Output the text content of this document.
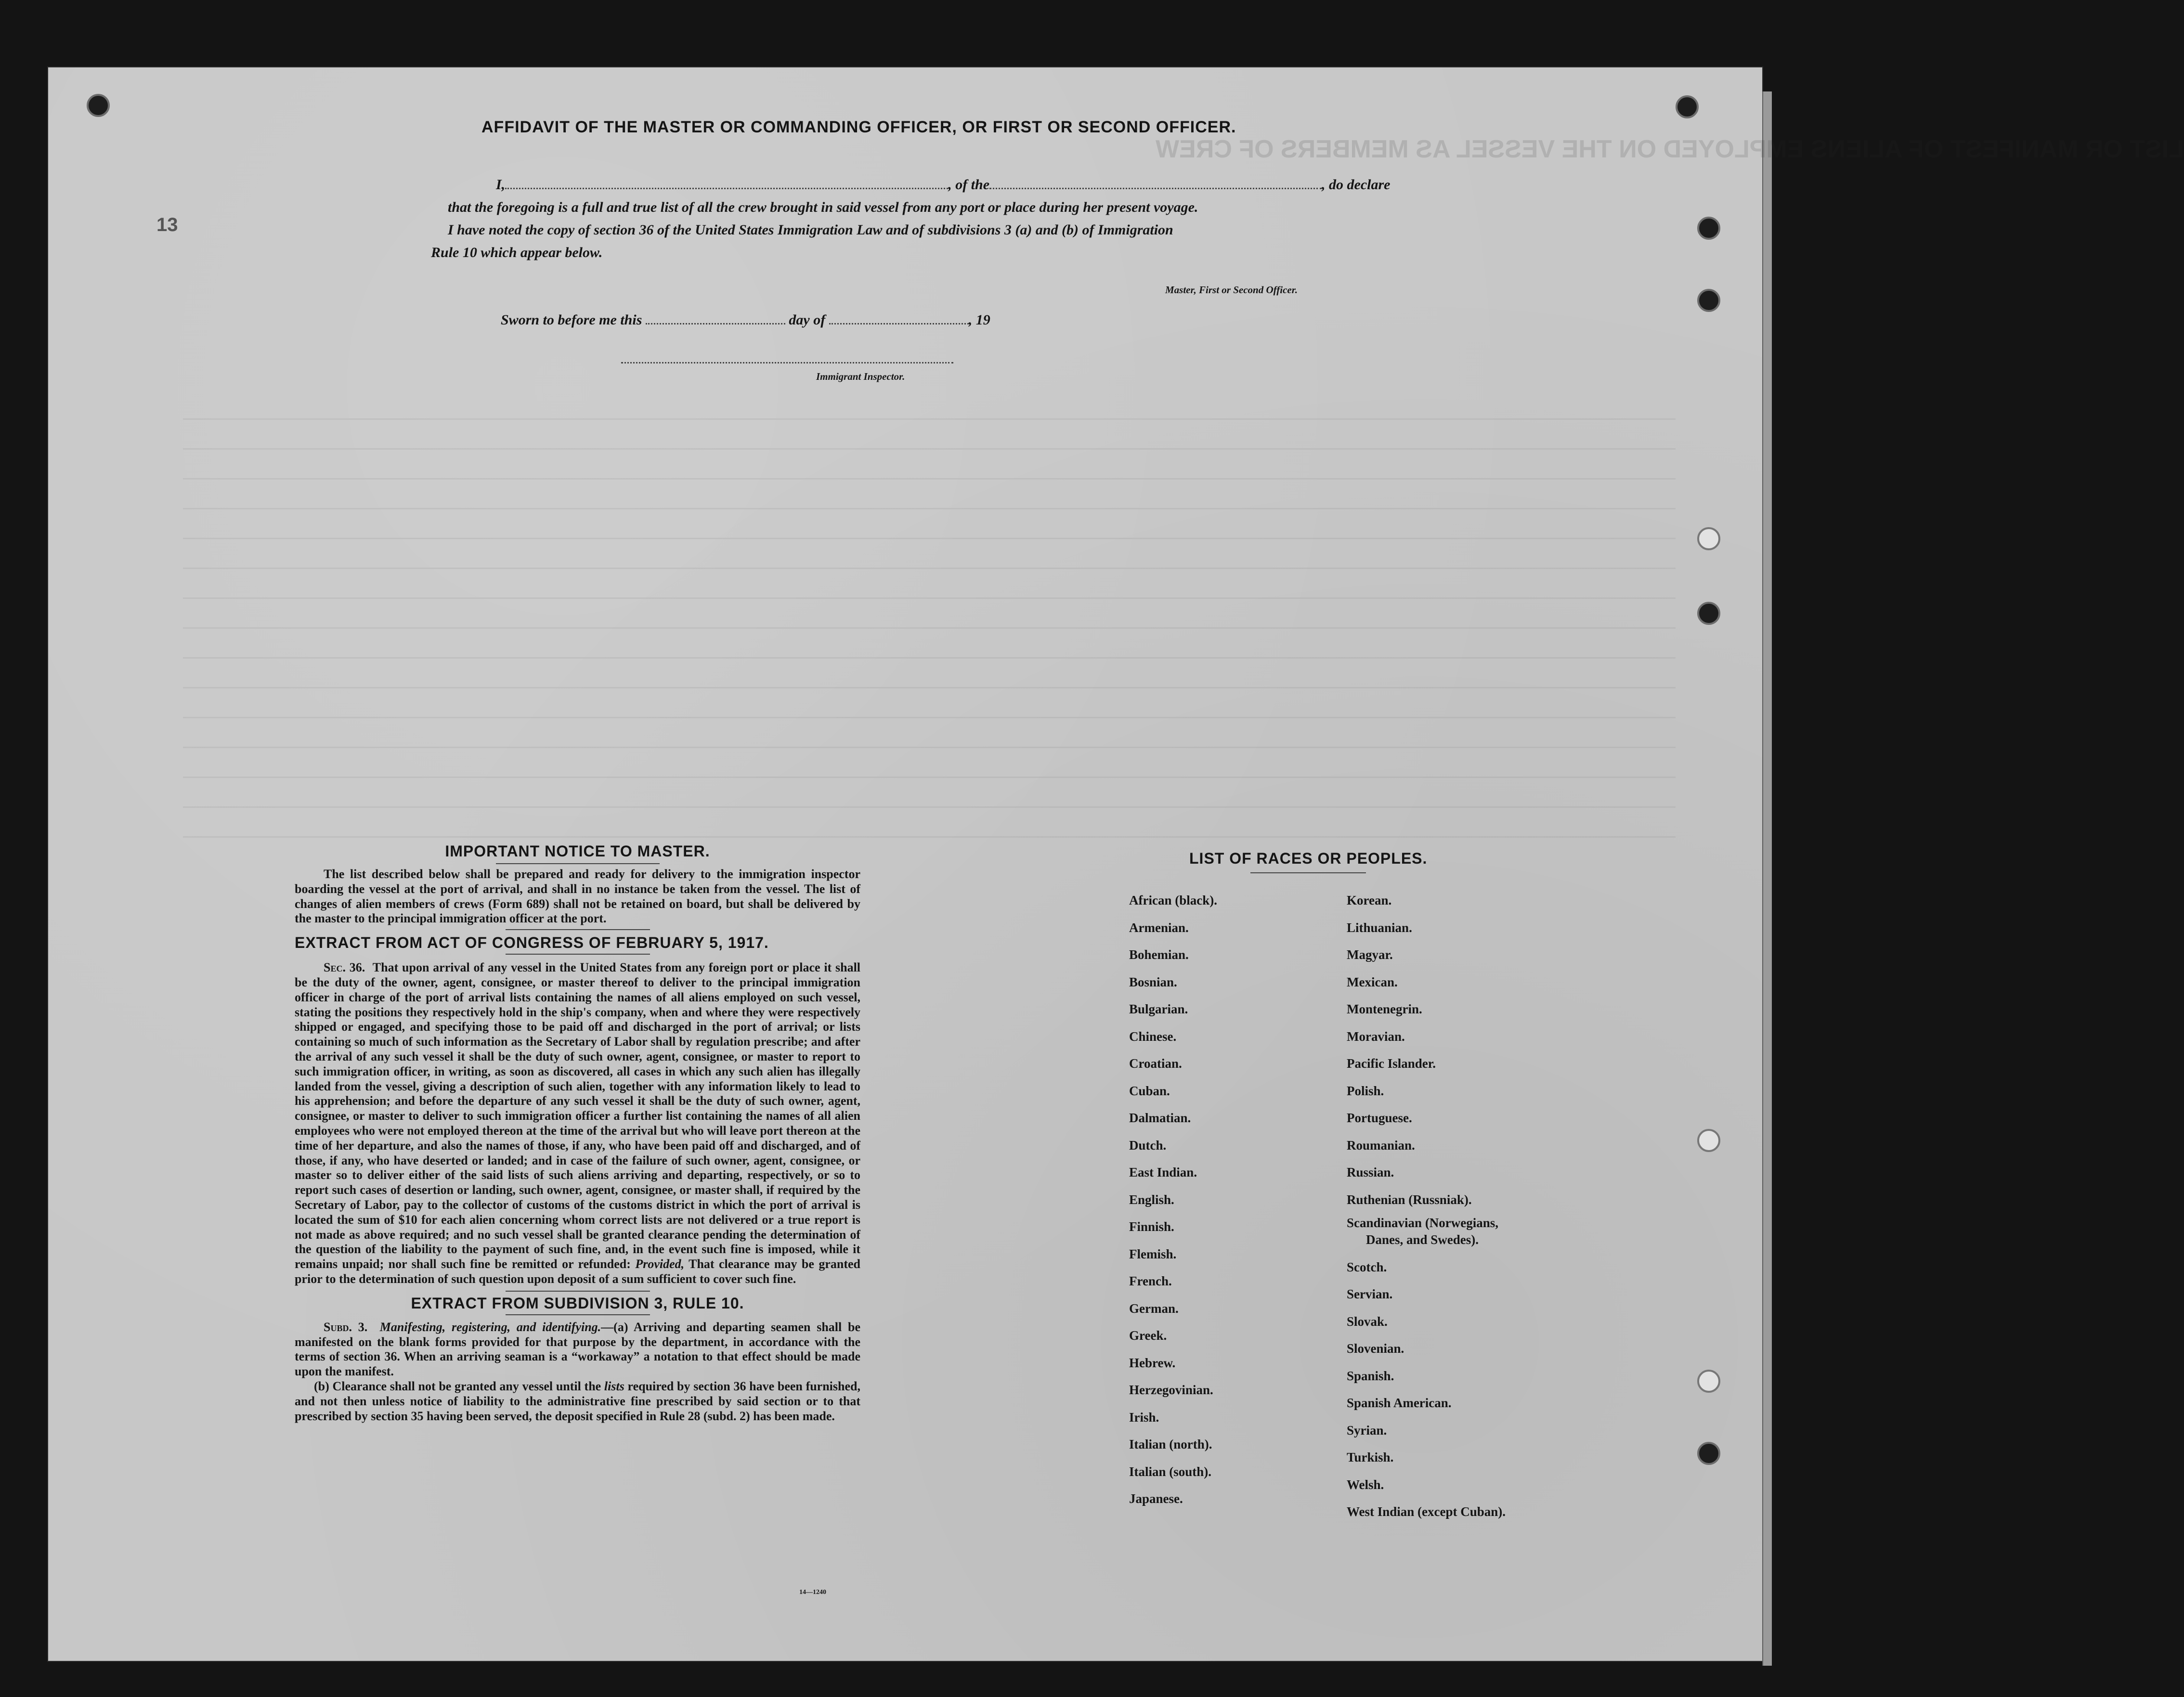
LIST OR MANIFEST OF ALIENS EMPLOYED ON THE VESSEL AS MEMBERS OF CREW
13
AFFIDAVIT OF THE MASTER OR COMMANDING OFFICER, OR FIRST OR SECOND OFFICER.

I,	, of the	, do declare

that the foregoing is a full and true list of all the crew brought in said vessel from any port or place during her present voyage.

I have noted the copy of section 36 of the United States Immigration Law and of subdivisions 3 (a) and (b) of Immigration

Rule 10 which appear below.

Master, First or Second Officer.
Sworn to before me this	day of	, 19
Immigrant Inspector.
IMPORTANT NOTICE TO MASTER.

The list described below shall be prepared and ready for delivery to the immigration inspector boarding the vessel at the port of arrival, and shall in no instance be taken from the vessel. The list of changes of alien members of crews (Form 689) shall not be retained on board, but shall be delivered by the master to the principal immigration officer at the port.

EXTRACT FROM ACT OF CONGRESS OF FEBRUARY 5, 1917.

Sec. 36. That upon arrival of any vessel in the United States from any foreign port or place it shall be the duty of the owner, agent, consignee, or master thereof to deliver to the principal immigration officer in charge of the port of arrival lists containing the names of all aliens employed on such vessel, stating the positions they respectively hold in the ship's company, when and where they were respectively shipped or engaged, and specifying those to be paid off and discharged in the port of arrival; or lists containing so much of such information as the Secretary of Labor shall by regulation prescribe; and after the arrival of any such vessel it shall be the duty of such owner, agent, consignee, or master to report to such immigration officer, in writing, as soon as discovered, all cases in which any such alien has illegally landed from the vessel, giving a description of such alien, together with any information likely to lead to his apprehension; and before the departure of any such vessel it shall be the duty of such owner, agent, consignee, or master to deliver to such immigration officer a further list containing the names of all alien employees who were not employed thereon at the time of the arrival but who will leave port thereon at the time of her departure, and also the names of those, if any, who have been paid off and discharged, and of those, if any, who have deserted or landed; and in case of the failure of such owner, agent, consignee, or master so to deliver either of the said lists of such aliens arriving and departing, respectively, or so to report such cases of desertion or landing, such owner, agent, consignee, or master shall, if required by the Secretary of Labor, pay to the collector of customs of the customs district in which the port of arrival is located the sum of $10 for each alien concerning whom correct lists are not delivered or a true report is not made as above required; and no such vessel shall be granted clearance pending the determination of the question of the liability to the payment of such fine, and, in the event such fine is imposed, while it remains unpaid; nor shall such fine be remitted or refunded: Provided, That clearance may be granted prior to the determination of such question upon deposit of a sum sufficient to cover such fine.

EXTRACT FROM SUBDIVISION 3, RULE 10.

Subd. 3. Manifesting, registering, and identifying.—(a) Arriving and departing seamen shall be manifested on the blank forms provided for that purpose by the department, in accordance with the terms of section 36. When an arriving seaman is a “workaway” a notation to that effect should be made upon the manifest.

(b) Clearance shall not be granted any vessel until the lists required by section 36 have been furnished, and not then unless notice of liability to the administrative fine prescribed by said section or to that prescribed by section 35 having been served, the deposit specified in Rule 28 (subd. 2) has been made.

14—1240
LIST OF RACES OR PEOPLES.
African (black).
Armenian.
Bohemian.
Bosnian.
Bulgarian.
Chinese.
Croatian.
Cuban.
Dalmatian.
Dutch.
East Indian.
English.
Finnish.
Flemish.
French.
German.
Greek.
Hebrew.
Herzegovinian.
Irish.
Italian (north).
Italian (south).
Japanese.
Korean.
Lithuanian.
Magyar.
Mexican.
Montenegrin.
Moravian.
Pacific Islander.
Polish.
Portuguese.
Roumanian.
Russian.
Ruthenian (Russniak).
Scandinavian (Norwegians,
Danes, and Swedes).
Scotch.
Servian.
Slovak.
Slovenian.
Spanish.
Spanish American.
Syrian.
Turkish.
Welsh.
West Indian (except Cuban).
